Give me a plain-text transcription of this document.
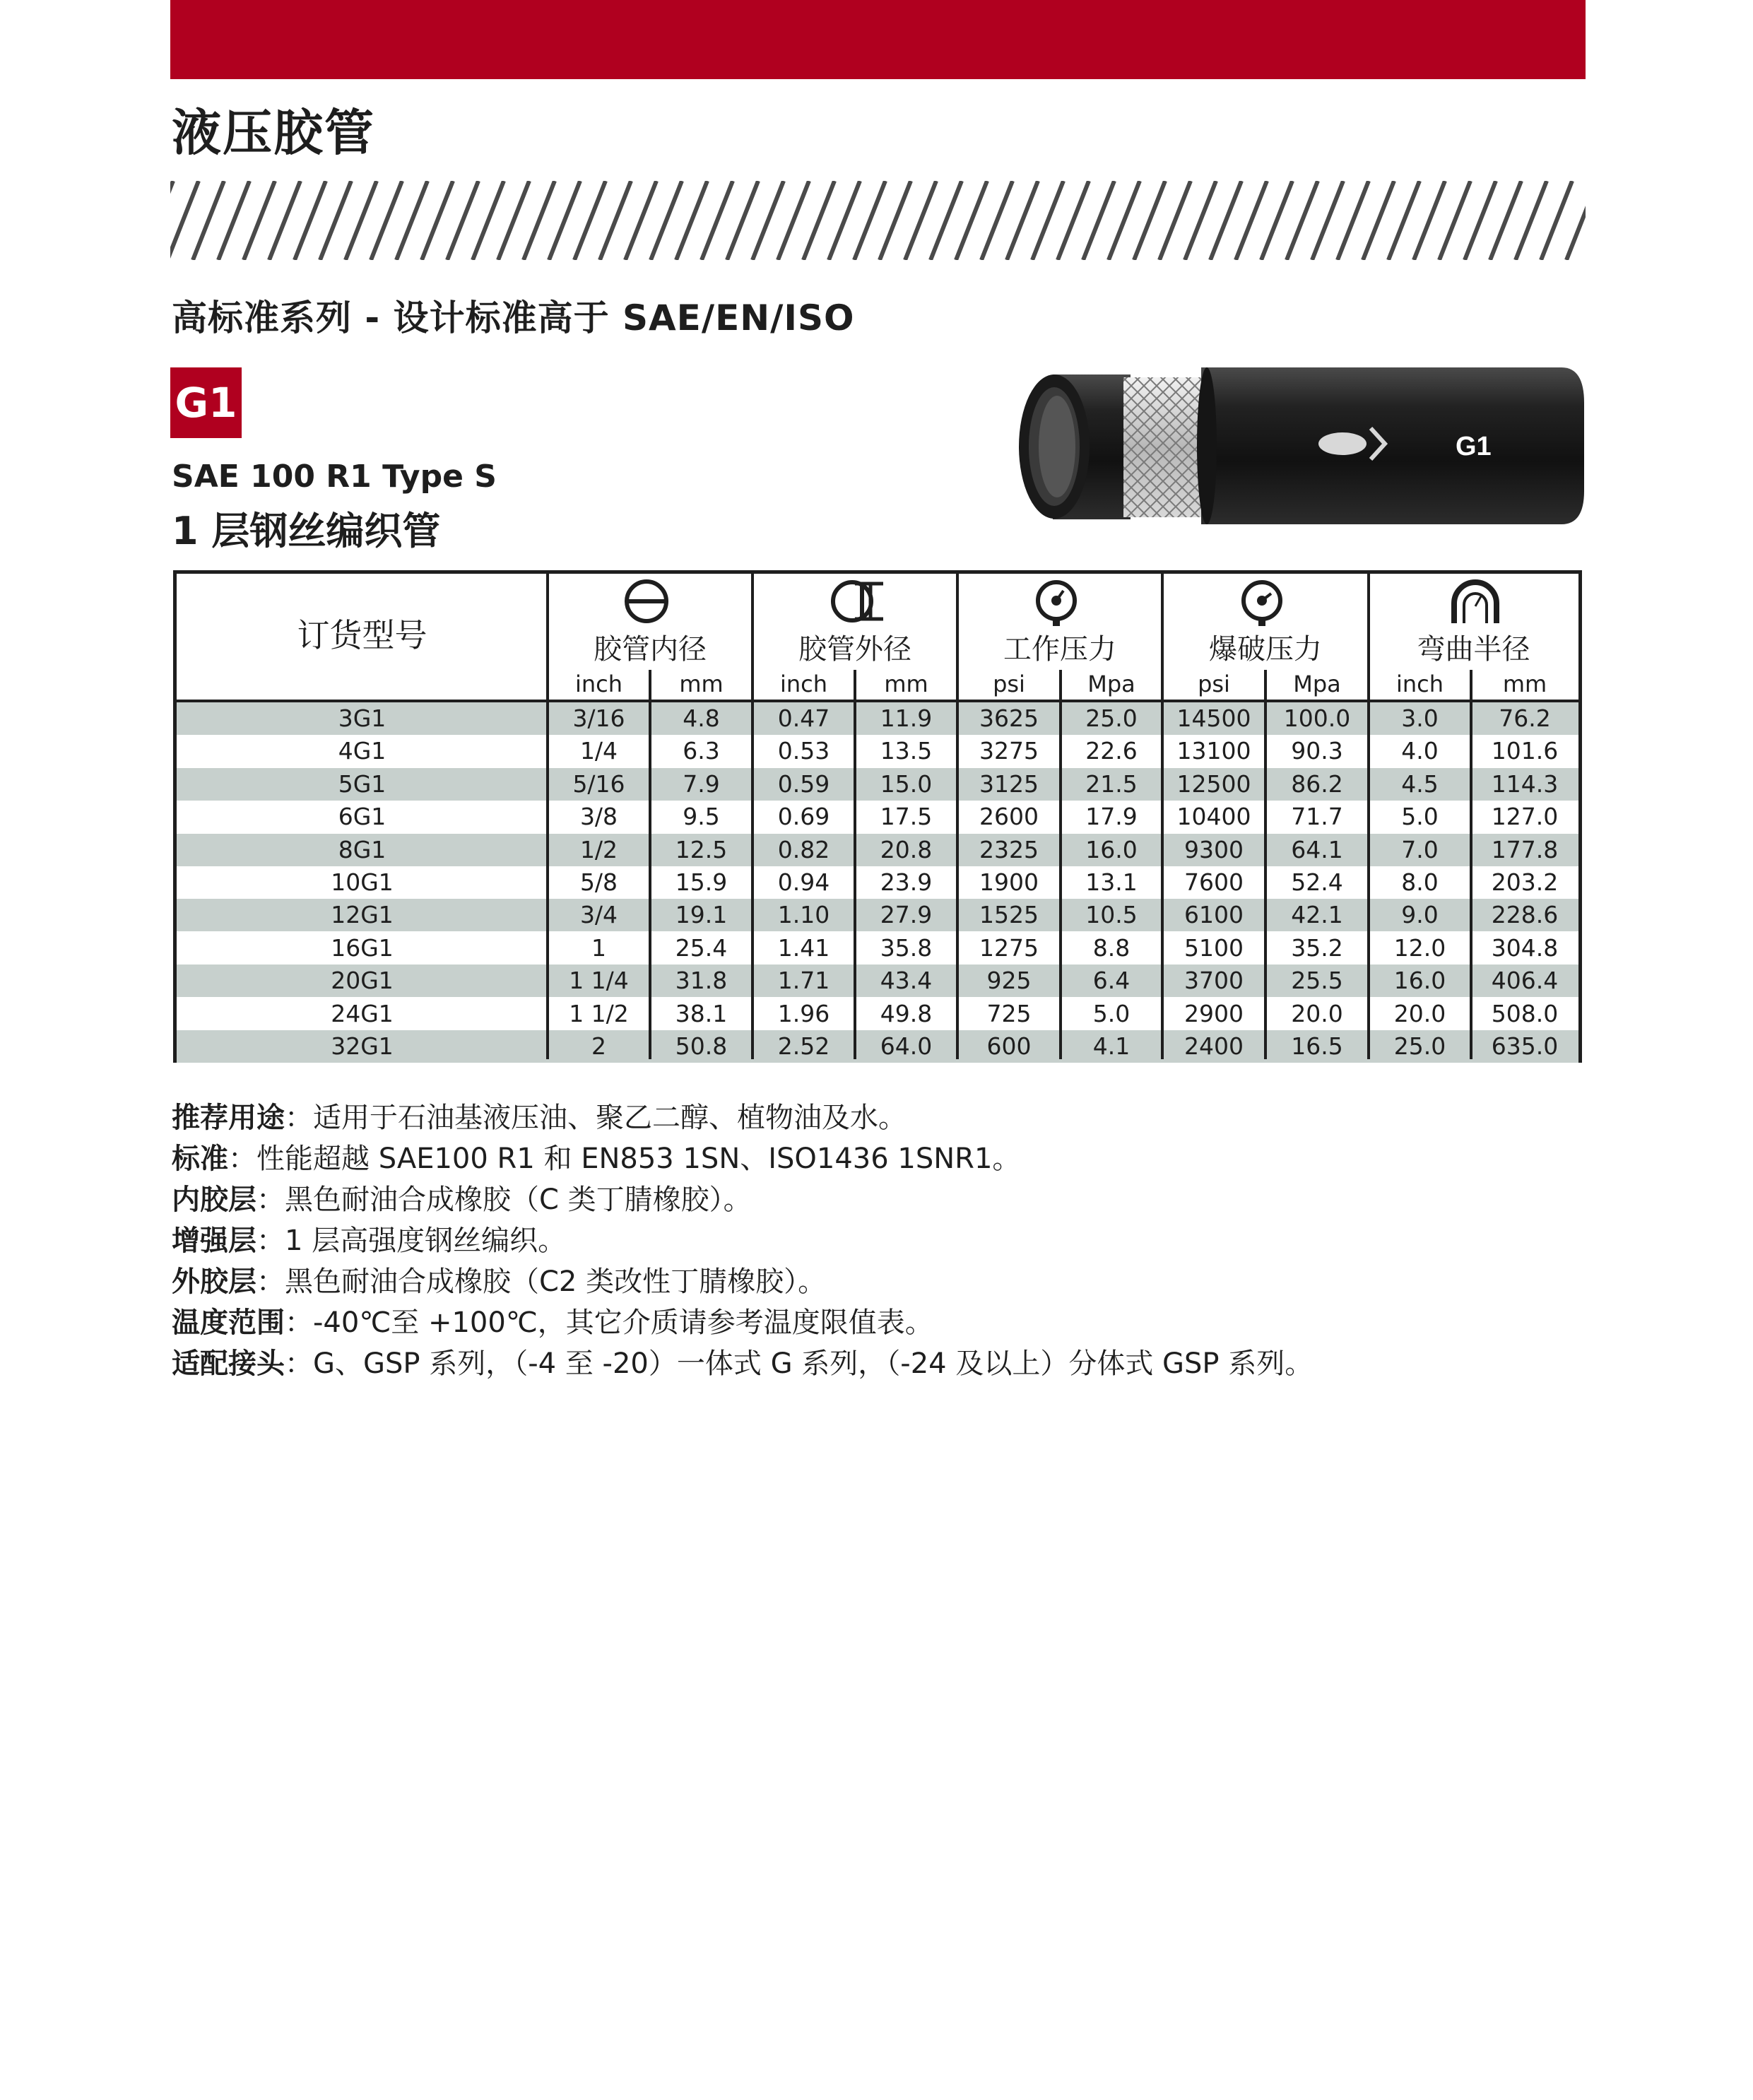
液压胶管
高标准系列 - 设计标准高于 SAE/EN/ISO
G1
SAE 100 R1 Type S
1 层钢丝编织管
G1
订货型号	胶管内径
inch	mm
胶管外径
inch	mm
工作压力
psi	Mpa
爆破压力
psi	Mpa
弯曲半径
inch	mm
3G1	3/16	4.8	0.47	11.9	3625	25.0	14500	100.0	3.0	76.2
4G1	1/4	6.3	0.53	13.5	3275	22.6	13100	90.3	4.0	101.6
5G1	5/16	7.9	0.59	15.0	3125	21.5	12500	86.2	4.5	114.3
6G1	3/8	9.5	0.69	17.5	2600	17.9	10400	71.7	5.0	127.0
8G1	1/2	12.5	0.82	20.8	2325	16.0	9300	64.1	7.0	177.8
10G1	5/8	15.9	0.94	23.9	1900	13.1	7600	52.4	8.0	203.2
12G1	3/4	19.1	1.10	27.9	1525	10.5	6100	42.1	9.0	228.6
16G1	1	25.4	1.41	35.8	1275	8.8	5100	35.2	12.0	304.8
20G1	1 1/4	31.8	1.71	43.4	925	6.4	3700	25.5	16.0	406.4
24G1	1 1/2	38.1	1.96	49.8	725	5.0	2900	20.0	20.0	508.0
32G1	2	50.8	2.52	64.0	600	4.1	2400	16.5	25.0	635.0
推荐用途：适用于石油基液压油、聚乙二醇、植物油及水。
标准：性能超越 SAE100 R1 和 EN853 1SN、ISO1436 1SNR1。
内胶层：黑色耐油合成橡胶（C 类丁腈橡胶）。
增强层：1 层高强度钢丝编织。
外胶层：黑色耐油合成橡胶（C2 类改性丁腈橡胶）。
温度范围：-40℃至 +100℃，其它介质请参考温度限值表。
适配接头：G、GSP 系列，（-4 至 -20）一体式 G 系列，（-24 及以上）分体式 GSP 系列。
